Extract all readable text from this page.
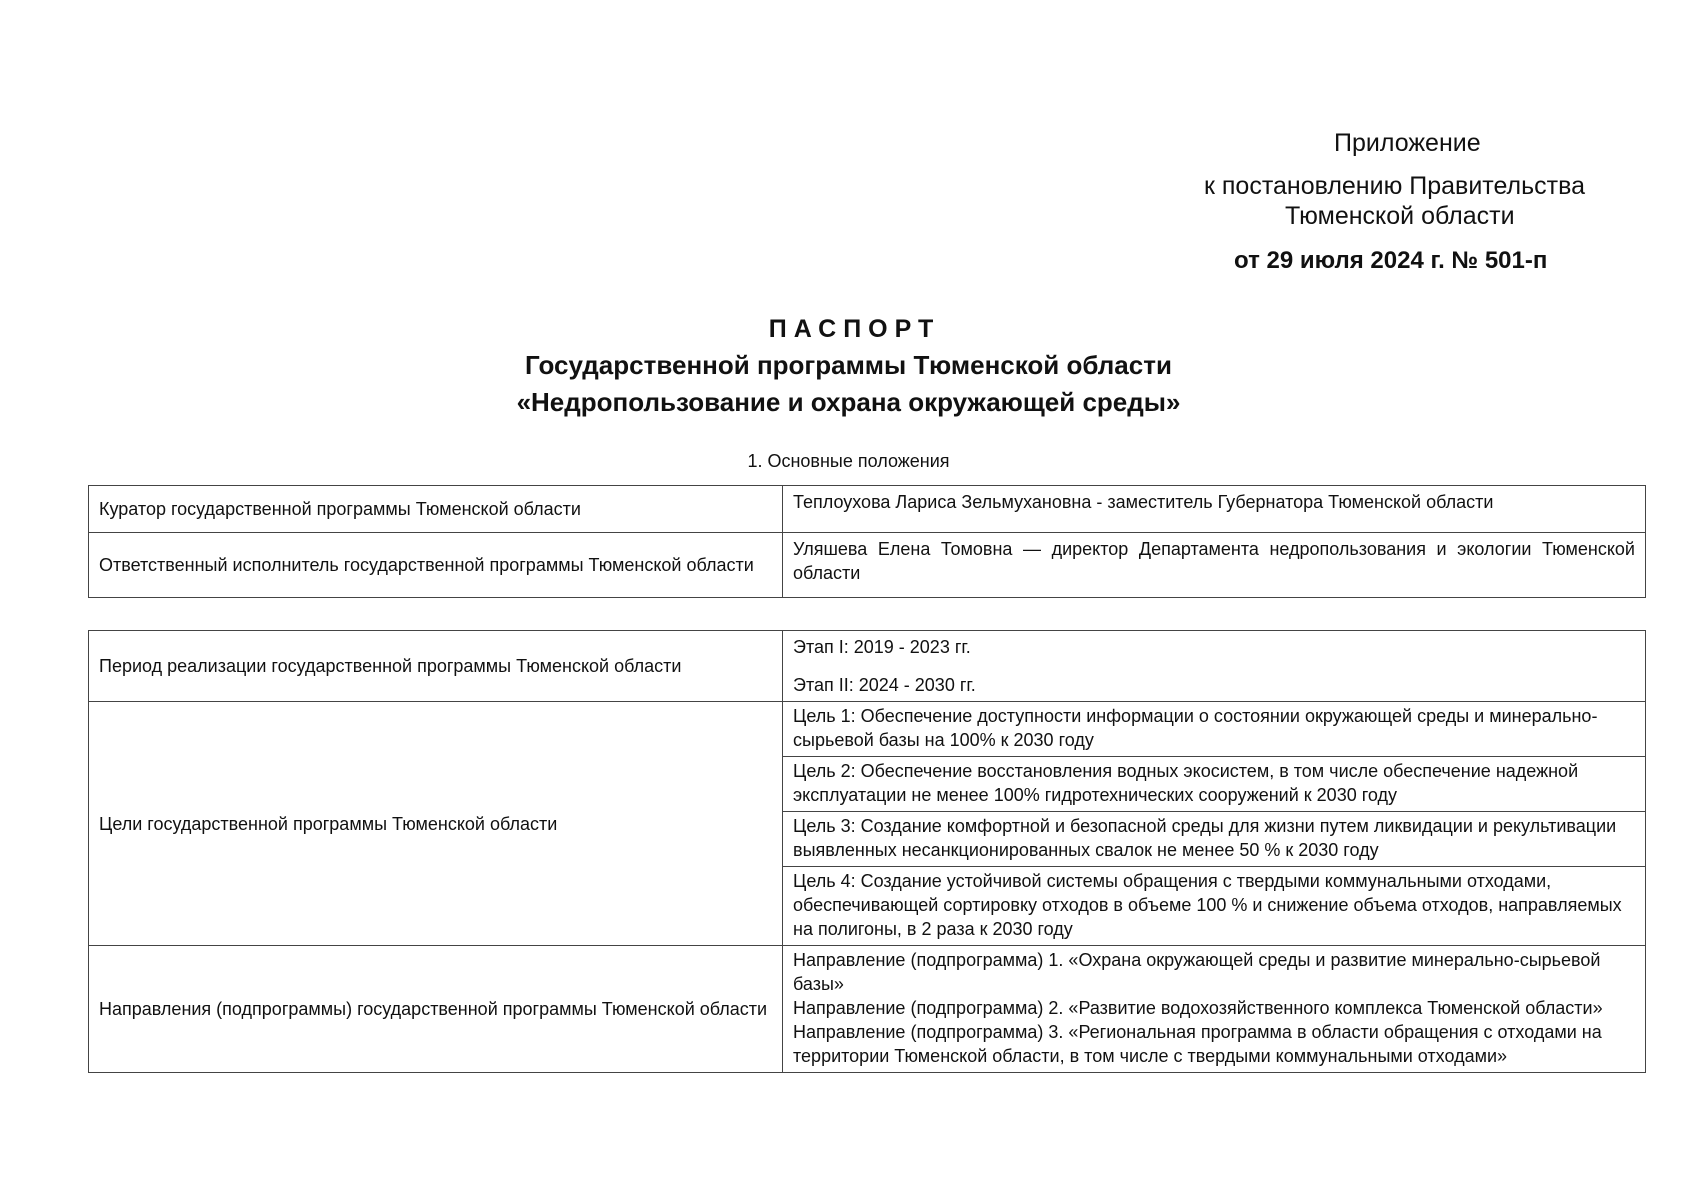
Приложение
к постановлению Правительства
Тюменской области
от 29 июля 2024 г. № 501-п
ПАСПОРТ
Государственной программы Тюменской области
«Недропользование и охрана окружающей среды»
1. Основные положения
Куратор государственной программы Тюменской области	Теплоухова Лариса Зельмухановна - заместитель Губернатора Тюменской области
Ответственный исполнитель государственной программы Тюменской области	Уляшева Елена Томовна — директор Департамента недропользования и экологии Тюменской области
Период реализации государственной программы Тюменской области	Этап I: 2019 - 2023 гг.
Этап II: 2024 - 2030 гг.

Цели государственной программы Тюменской области	Цель 1: Обеспечение доступности информации о состоянии окружающей среды и минерально-сырьевой базы на 100% к 2030 году
	Цель 2: Обеспечение восстановления водных экосистем, в том числе обеспечение надежной эксплуатации не менее 100% гидротехнических сооружений к 2030 году
	Цель 3: Создание комфортной и безопасной среды для жизни путем ликвидации и рекультивации выявленных несанкционированных свалок не менее 50 % к 2030 году
	Цель 4: Создание устойчивой системы обращения с твердыми коммунальными отходами, обеспечивающей сортировку отходов в объеме 100 % и снижение объема отходов, направляемых на полигоны, в 2 раза к 2030 году
Направления (подпрограммы) государственной программы Тюменской области	Направление (подпрограмма) 1. «Охрана окружающей среды и развитие минерально-сырьевой базы»

Направление (подпрограмма) 2. «Развитие водохозяйственного комплекса Тюменской области»

Направление (подпрограмма) 3. «Региональная программа в области обращения с отходами на территории Тюменской области, в том числе с твердыми коммунальными отходами»
